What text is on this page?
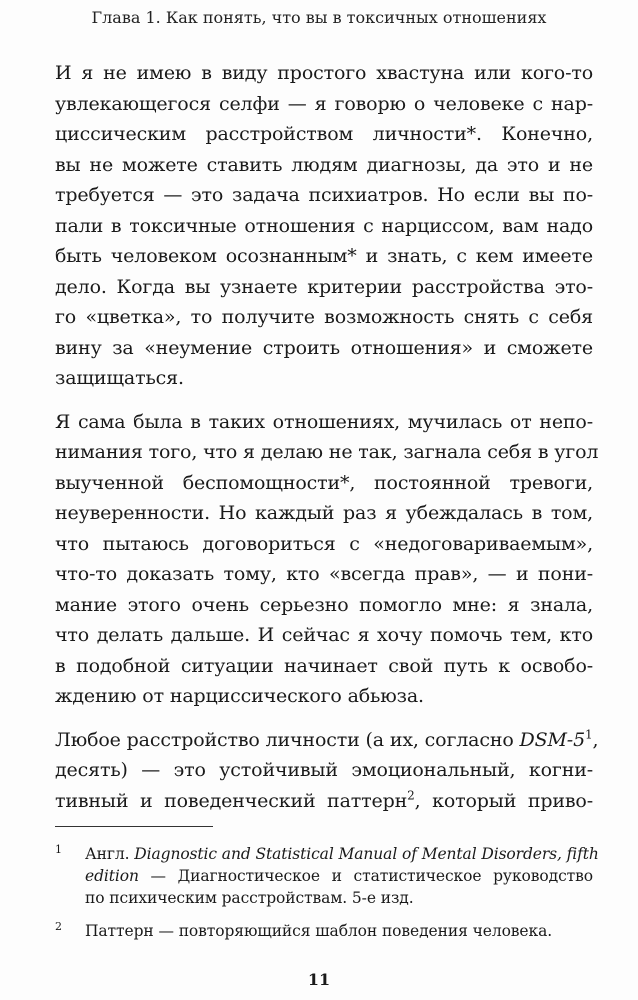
Глава 1. Как понять, что вы в токсичных отношениях
И я не имею в виду простого хвастуна или кого-то
увлекающегося селфи — я говорю о человеке с нар-
циссическим расстройством личности*. Конечно,
вы не можете ставить людям диагнозы, да это и не
требуется — это задача психиатров. Но если вы по-
пали в токсичные отношения с нарциссом, вам надо
быть человеком осознанным* и знать, с кем имеете
дело. Когда вы узнаете критерии расстройства это-
го «цветка», то получите возможность снять с себя
вину за «неумение строить отношения» и сможете
защищаться.
Я сама была в таких отношениях, мучилась от непо-
нимания того, что я делаю не так, загнала себя в угол
выученной беспомощности*, постоянной тревоги,
неуверенности. Но каждый раз я убеждалась в том,
что пытаюсь договориться с «недоговариваемым»,
что-то доказать тому, кто «всегда прав», — и пони-
мание этого очень серьезно помогло мне: я знала,
что делать дальше. И сейчас я хочу помочь тем, кто
в подобной ситуации начинает свой путь к освобо-
ждению от нарциссического абьюза.
Любое расстройство личности (а их, согласно DSM-$5^1$,
десять) — это устойчивый эмоциональный, когни-
тивный и поведенческий паттерн$^2$, который приво-
1 Англ. Diagnostic and Statistical Manual of Mental Disorders, fifth
edition — Диагностическое и статистическое руководство
по психическим расстройствам. 5-е изд.
2 Паттерн — повторяющийся шаблон поведения человека.
11
